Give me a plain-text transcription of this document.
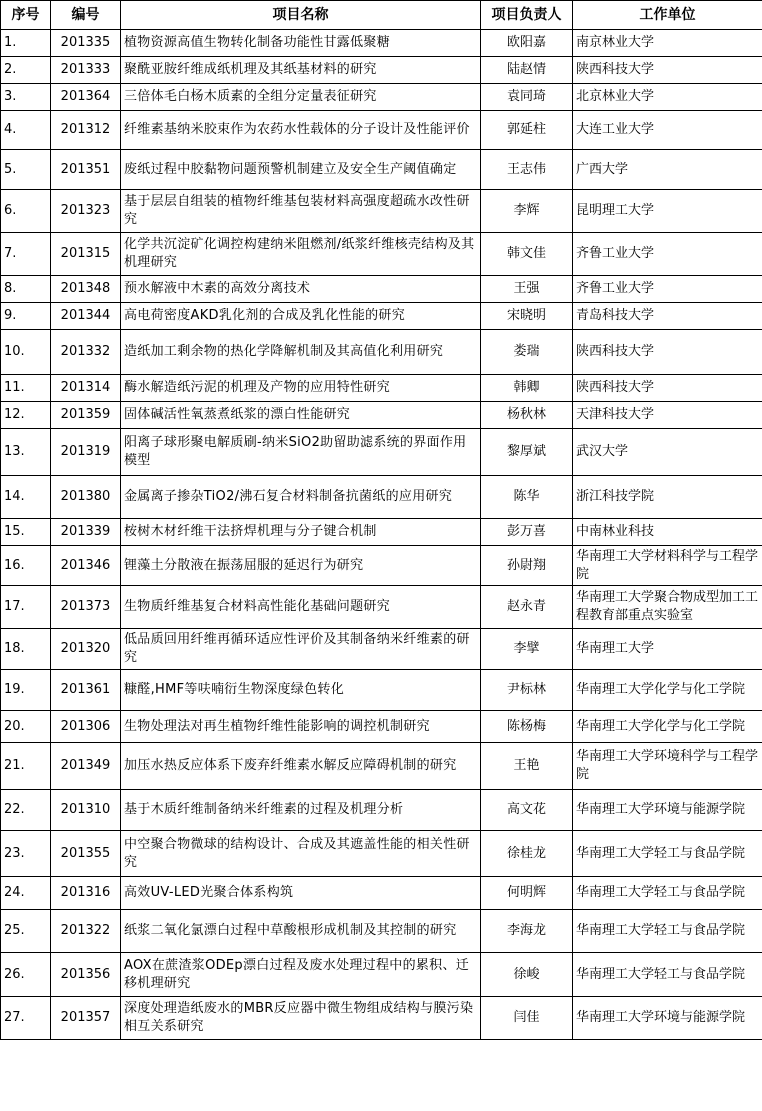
序号	编号	项目名称	项目负责人	工作单位
1.	201335	植物资源高值生物转化制备功能性甘露低聚糖	欧阳嘉	南京林业大学
2.	201333	聚酰亚胺纤维成纸机理及其纸基材料的研究	陆赵情	陕西科技大学
3.	201364	三倍体毛白杨木质素的全组分定量表征研究	袁同琦	北京林业大学
4.	201312	纤维素基纳米胶束作为农药水性载体的分子设计及性能评价	郭延柱	大连工业大学
5.	201351	废纸过程中胶黏物问题预警机制建立及安全生产阈值确定	王志伟	广西大学
6.	201323	基于层层自组装的植物纤维基包装材料高强度超疏水改性研究	李辉	昆明理工大学
7.	201315	化学共沉淀矿化调控构建纳米阻燃剂/纸浆纤维核壳结构及其机理研究	韩文佳	齐鲁工业大学
8.	201348	预水解液中木素的高效分离技术	王强	齐鲁工业大学
9.	201344	高电荷密度AKD乳化剂的合成及乳化性能的研究	宋晓明	青岛科技大学
10.	201332	造纸加工剩余物的热化学降解机制及其高值化利用研究	娄瑞	陕西科技大学
11.	201314	酶水解造纸污泥的机理及产物的应用特性研究	韩卿	陕西科技大学
12.	201359	固体碱活性氧蒸煮纸浆的漂白性能研究	杨秋林	天津科技大学
13.	201319	阳离子球形聚电解质刷-纳米SiO2助留助滤系统的界面作用模型	黎厚斌	武汉大学
14.	201380	金属离子掺杂TiO2/沸石复合材料制备抗菌纸的应用研究	陈华	浙江科技学院
15.	201339	桉树木材纤维干法挤焊机理与分子键合机制	彭万喜	中南林业科技
16.	201346	锂藻土分散液在振荡屈服的延迟行为研究	孙尉翔	华南理工大学材料科学与工程学院
17.	201373	生物质纤维基复合材料高性能化基础问题研究	赵永青	华南理工大学聚合物成型加工工程教育部重点实验室
18.	201320	低品质回用纤维再循环适应性评价及其制备纳米纤维素的研究	李擘	华南理工大学
19.	201361	糠醛,HMF等呋喃衍生物深度绿色转化	尹标林	华南理工大学化学与化工学院
20.	201306	生物处理法对再生植物纤维性能影响的调控机制研究	陈杨梅	华南理工大学化学与化工学院
21.	201349	加压水热反应体系下废弃纤维素水解反应障碍机制的研究	王艳	华南理工大学环境科学与工程学院
22.	201310	基于木质纤维制备纳米纤维素的过程及机理分析	高文花	华南理工大学环境与能源学院
23.	201355	中空聚合物微球的结构设计、合成及其遮盖性能的相关性研究	徐桂龙	华南理工大学轻工与食品学院
24.	201316	高效UV-LED光聚合体系构筑	何明辉	华南理工大学轻工与食品学院
25.	201322	纸浆二氧化氯漂白过程中草酸根形成机制及其控制的研究	李海龙	华南理工大学轻工与食品学院
26.	201356	AOX在蔗渣浆ODEp漂白过程及废水处理过程中的累积、迁移机理研究	徐峻	华南理工大学轻工与食品学院
27.	201357	深度处理造纸废水的MBR反应器中微生物组成结构与膜污染相互关系研究	闫佳	华南理工大学环境与能源学院
